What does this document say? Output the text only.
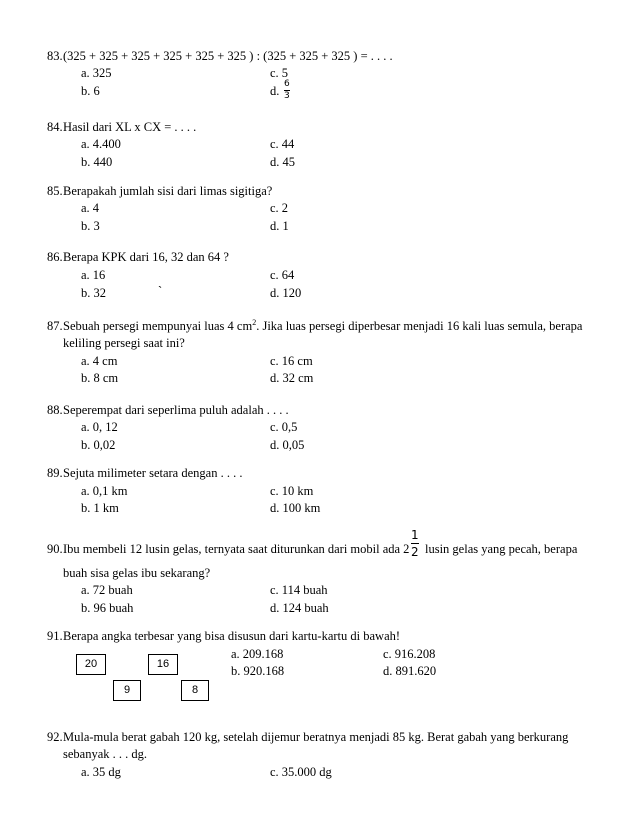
83. (325 + 325 + 325 + 325 + 325 + 325 ) : (325 + 325 + 325 ) = . . . .
a. 325
b. 6
c. 5
d. 6
3
84. Hasil dari XL x CX = . . . .
a. 4.400
b. 440
c. 44
d. 45
85. Berapakah jumlah sisi dari limas sigitiga?
a. 4
b. 3
c. 2
d. 1
86. Berapa KPK dari 16, 32 dan 64 ?
a. 16
b. 32	`
c. 64
d. 120
87. Sebuah persegi mempunyai luas 4 $cm^2$. Jika luas persegi diperbesar menjadi 16 kali luas semula, berapa
keliling persegi saat ini?
a. 4 cm
b. 8 cm
c. 16 cm
d. 32 cm
88. Seperempat dari seperlima puluh adalah . . . .
a. 0, 12
b. 0,02
c. 0,5
d. 0,05
89. Sejuta milimeter setara dengan . . . .
a. 0,1 km
b. 1 km
c. 10 km
d. 100 km
90. Ibu membeli 12 lusin gelas, ternyata saat diturunkan dari mobil ada 2
1
2 lusin gelas yang pecah, berapa
buah sisa gelas ibu sekarang?
a. 72 buah
b. 96 buah
c. 114 buah
d. 124 buah
91. Berapa angka terbesar yang bisa disusun dari kartu-kartu di bawah!
20	16
9	8
a. 209.168
b. 920.168
c. 916.208
d. 891.620
92. Mula-mula berat gabah 120 kg, setelah dijemur beratnya menjadi 85 kg. Berat gabah yang berkurang
sebanyak . . . dg.
a. 35 dg	c. 35.000 dg
